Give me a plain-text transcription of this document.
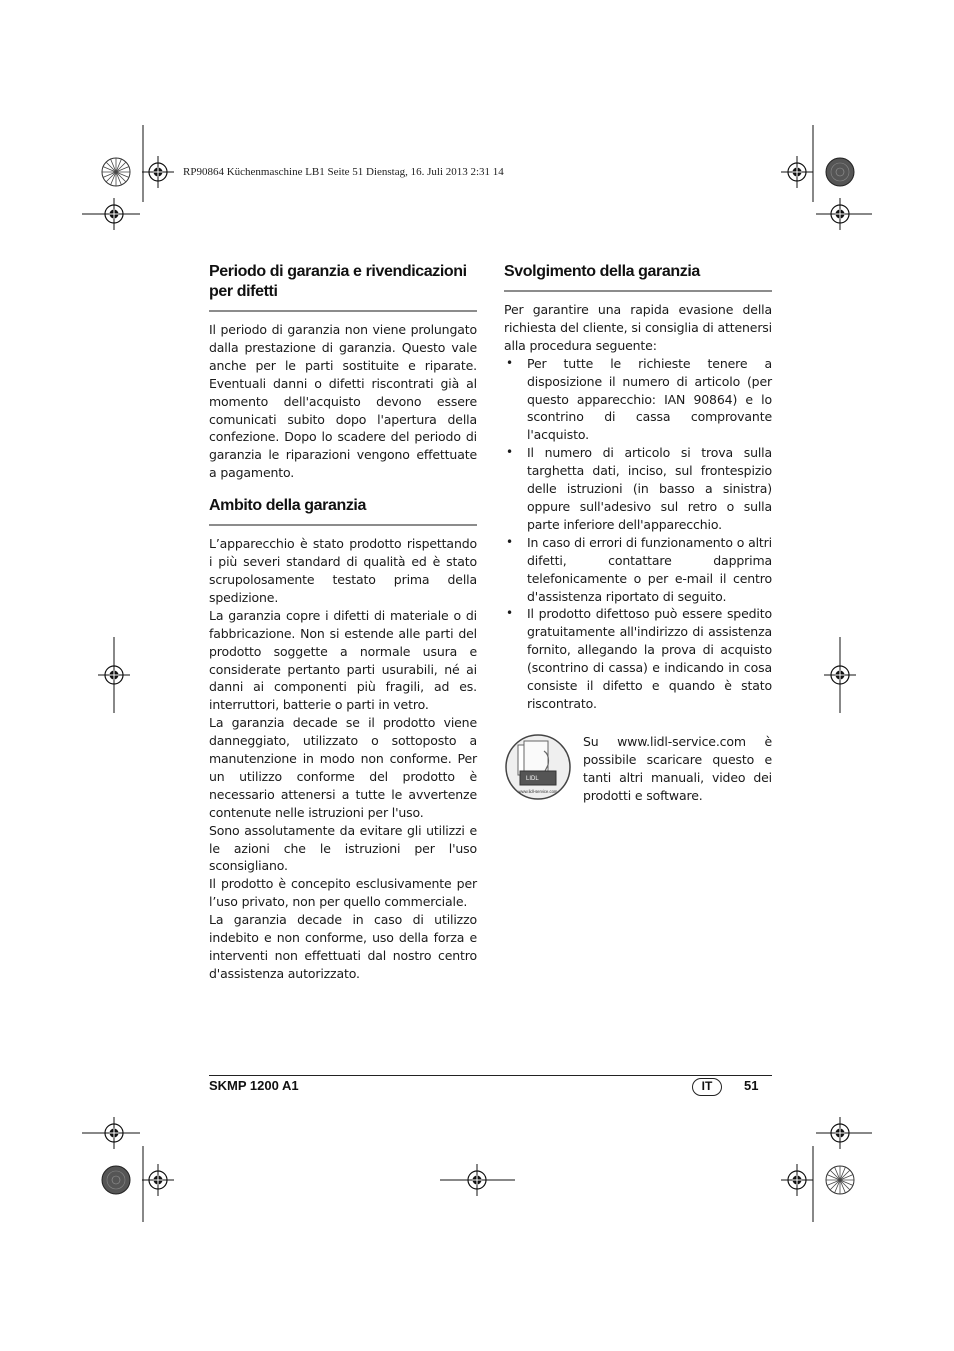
RP90864 Küchenmaschine LB1 Seite 51 Dienstag, 16. Juli 2013 2:31 14
Periodo di garanzia e rivendicazioni per difetti

Il periodo di garanzia non viene prolungato dalla prestazione di garanzia. Questo vale anche per le parti sostituite e riparate. Eventuali danni o difetti riscontrati già al momento dell'acquisto devono essere comunicati subito dopo l'apertura della confezione. Dopo lo scadere del periodo di garanzia le riparazioni vengono effettuate a pagamento.

Ambito della garanzia

L’apparecchio è stato prodotto rispettando i più severi standard di qualità ed è stato scrupolosamente testato prima della spedizione.

La garanzia copre i difetti di materiale o di fabbricazione. Non si estende alle parti del prodotto soggette a normale usura e considerate pertanto parti usurabili, né ai danni ai componenti più fragili, ad es. interruttori, batterie o parti in vetro.

La garanzia decade se il prodotto viene danneggiato, utilizzato o sottoposto a manutenzione in modo non conforme. Per un utilizzo conforme del prodotto è necessario attenersi a tutte le avvertenze contenute nelle istruzioni per l'uso.

Sono assolutamente da evitare gli utilizzi e le azioni che le istruzioni per l'uso sconsigliano.

Il prodotto è concepito esclusivamente per l’uso privato, non per quello commerciale.

La garanzia decade in caso di utilizzo indebito e non conforme, uso della forza e interventi non effettuati dal nostro centro d'assistenza autorizzato.

Svolgimento della garanzia

Per garantire una rapida evasione della richiesta del cliente, si consiglia di attenersi alla procedura seguente:

• Per tutte le richieste tenere a disposizione il numero di articolo (per questo apparecchio: IAN 90864) e lo scontrino di cassa comprovante l'acquisto.
• Il numero di articolo si trova sulla targhetta dati, inciso, sul frontespizio delle istruzioni (in basso a sinistra) oppure sull'adesivo sul retro o sulla parte inferiore dell'apparecchio.
• In caso di errori di funzionamento o altri difetti, contattare dapprima telefonicamente o per e-mail il centro d'assistenza riportato di seguito.
• Il prodotto difettoso può essere spedito gratuitamente all'indirizzo di assistenza fornito, allegando la prova di acquisto (scontrino di cassa) e indicando in cosa consiste il difetto e quando è stato riscontrato.
LIDL
www.lidl-service.com

Su www.lidl-service.com è possibile scaricare questo e tanti altri manuali, video dei prodotti e software.

SKMP 1200 A1	IT	51
